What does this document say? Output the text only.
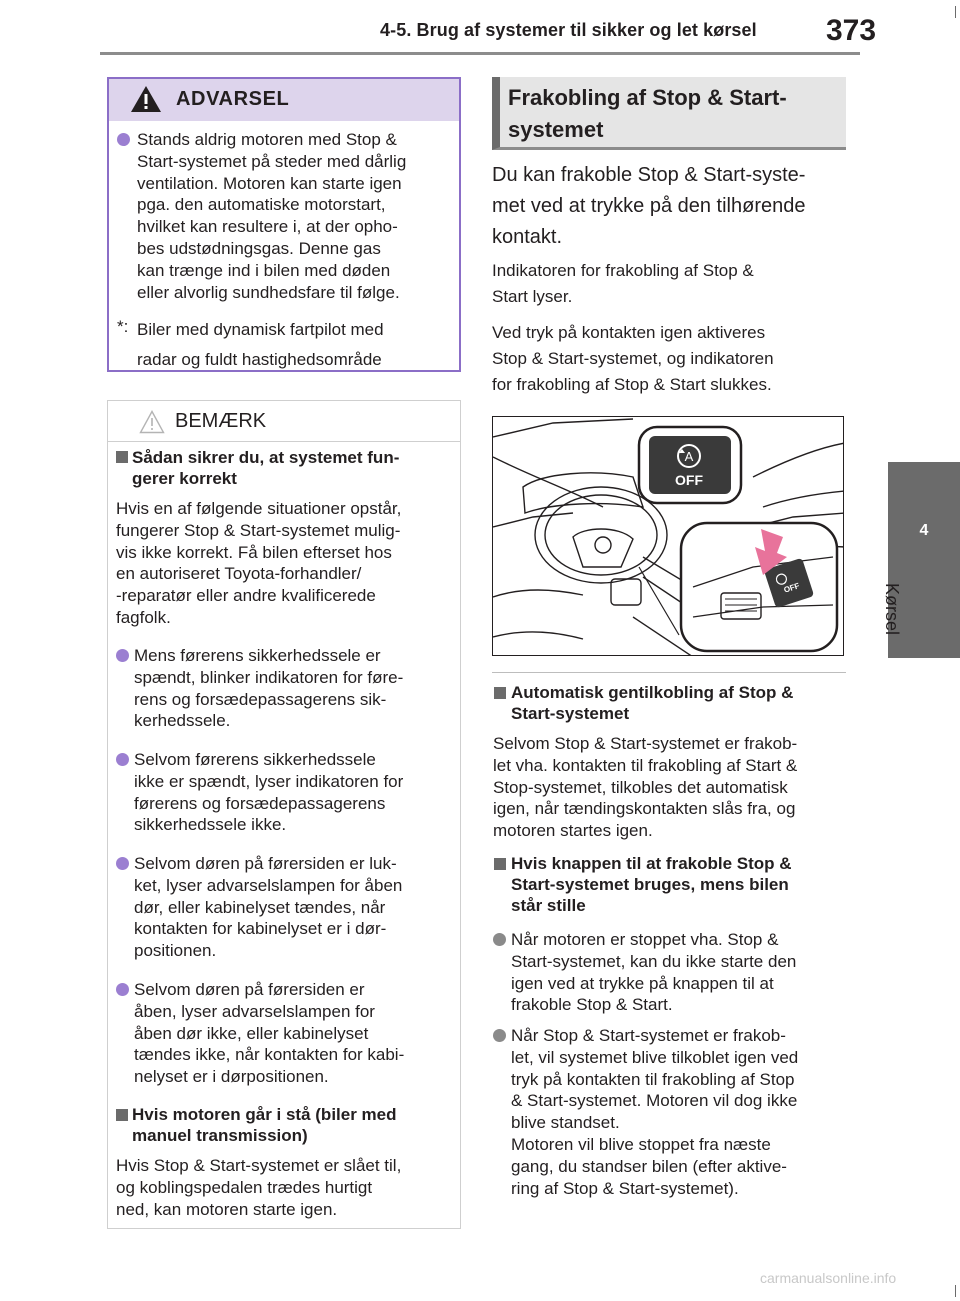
4-5. Brug af systemer til sikker og let kørsel 373
4
Kørsel
ADVARSEL
Stands aldrig motoren med Stop &
Start-systemet på steder med dårlig
ventilation. Motoren kan starte igen
pga. den automatiske motorstart,
hvilket kan resultere i, at der opho-
bes udstødningsgas. Denne gas
kan trænge ind i bilen med døden
eller alvorlig sundhedsfare til følge.
*: Biler med dynamisk fartpilot med
radar og fuldt hastighedsområde
BEMÆRK
Sådan sikrer du, at systemet fun-
gerer korrekt
Hvis en af følgende situationer opstår,
fungerer Stop & Start-systemet mulig-
vis ikke korrekt. Få bilen efterset hos
en autoriseret Toyota-forhandler/
-reparatør eller andre kvalificerede
fagfolk.
Mens førerens sikkerhedssele er
spændt, blinker indikatoren for føre-
rens og forsædepassagerens sik-
kerhedssele.
Selvom førerens sikkerhedssele
ikke er spændt, lyser indikatoren for
førerens og forsædepassagerens
sikkerhedssele ikke.
Selvom døren på førersiden er luk-
ket, lyser advarselslampen for åben
dør, eller kabinelyset tændes, når
kontakten for kabinelyset er i dør-
positionen.
Selvom døren på førersiden er
åben, lyser advarselslampen for
åben dør ikke, eller kabinelyset
tændes ikke, når kontakten for kabi-
nelyset er i dørpositionen.
Hvis motoren går i stå (biler med
manuel transmission)
Hvis Stop & Start-systemet er slået til,
og koblingspedalen trædes hurtigt
ned, kan motoren starte igen.
Frakobling af Stop & Start-
systemet
Du kan frakoble Stop & Start-syste-
met ved at trykke på den tilhørende
kontakt.
Indikatoren for frakobling af Stop &
Start lyser.
Ved tryk på kontakten igen aktiveres
Stop & Start-systemet, og indikatoren
for frakobling af Stop & Start slukkes.
A
OFF
OFF
Automatisk gentilkobling af Stop &
Start-systemet
Selvom Stop & Start-systemet er frakob-
let vha. kontakten til frakobling af Start &
Stop-systemet, tilkobles det automatisk
igen, når tændingskontakten slås fra, og
motoren startes igen.
Hvis knappen til at frakoble Stop &
Start-systemet bruges, mens bilen
står stille
Når motoren er stoppet vha. Stop &
Start-systemet, kan du ikke starte den
igen ved at trykke på knappen til at
frakoble Stop & Start.
Når Stop & Start-systemet er frakob-
let, vil systemet blive tilkoblet igen ved
tryk på kontakten til frakobling af Stop
& Start-systemet. Motoren vil dog ikke
blive standset.
Motoren vil blive stoppet fra næste
gang, du standser bilen (efter aktive-
ring af Stop & Start-systemet).
carmanualsonline.info
